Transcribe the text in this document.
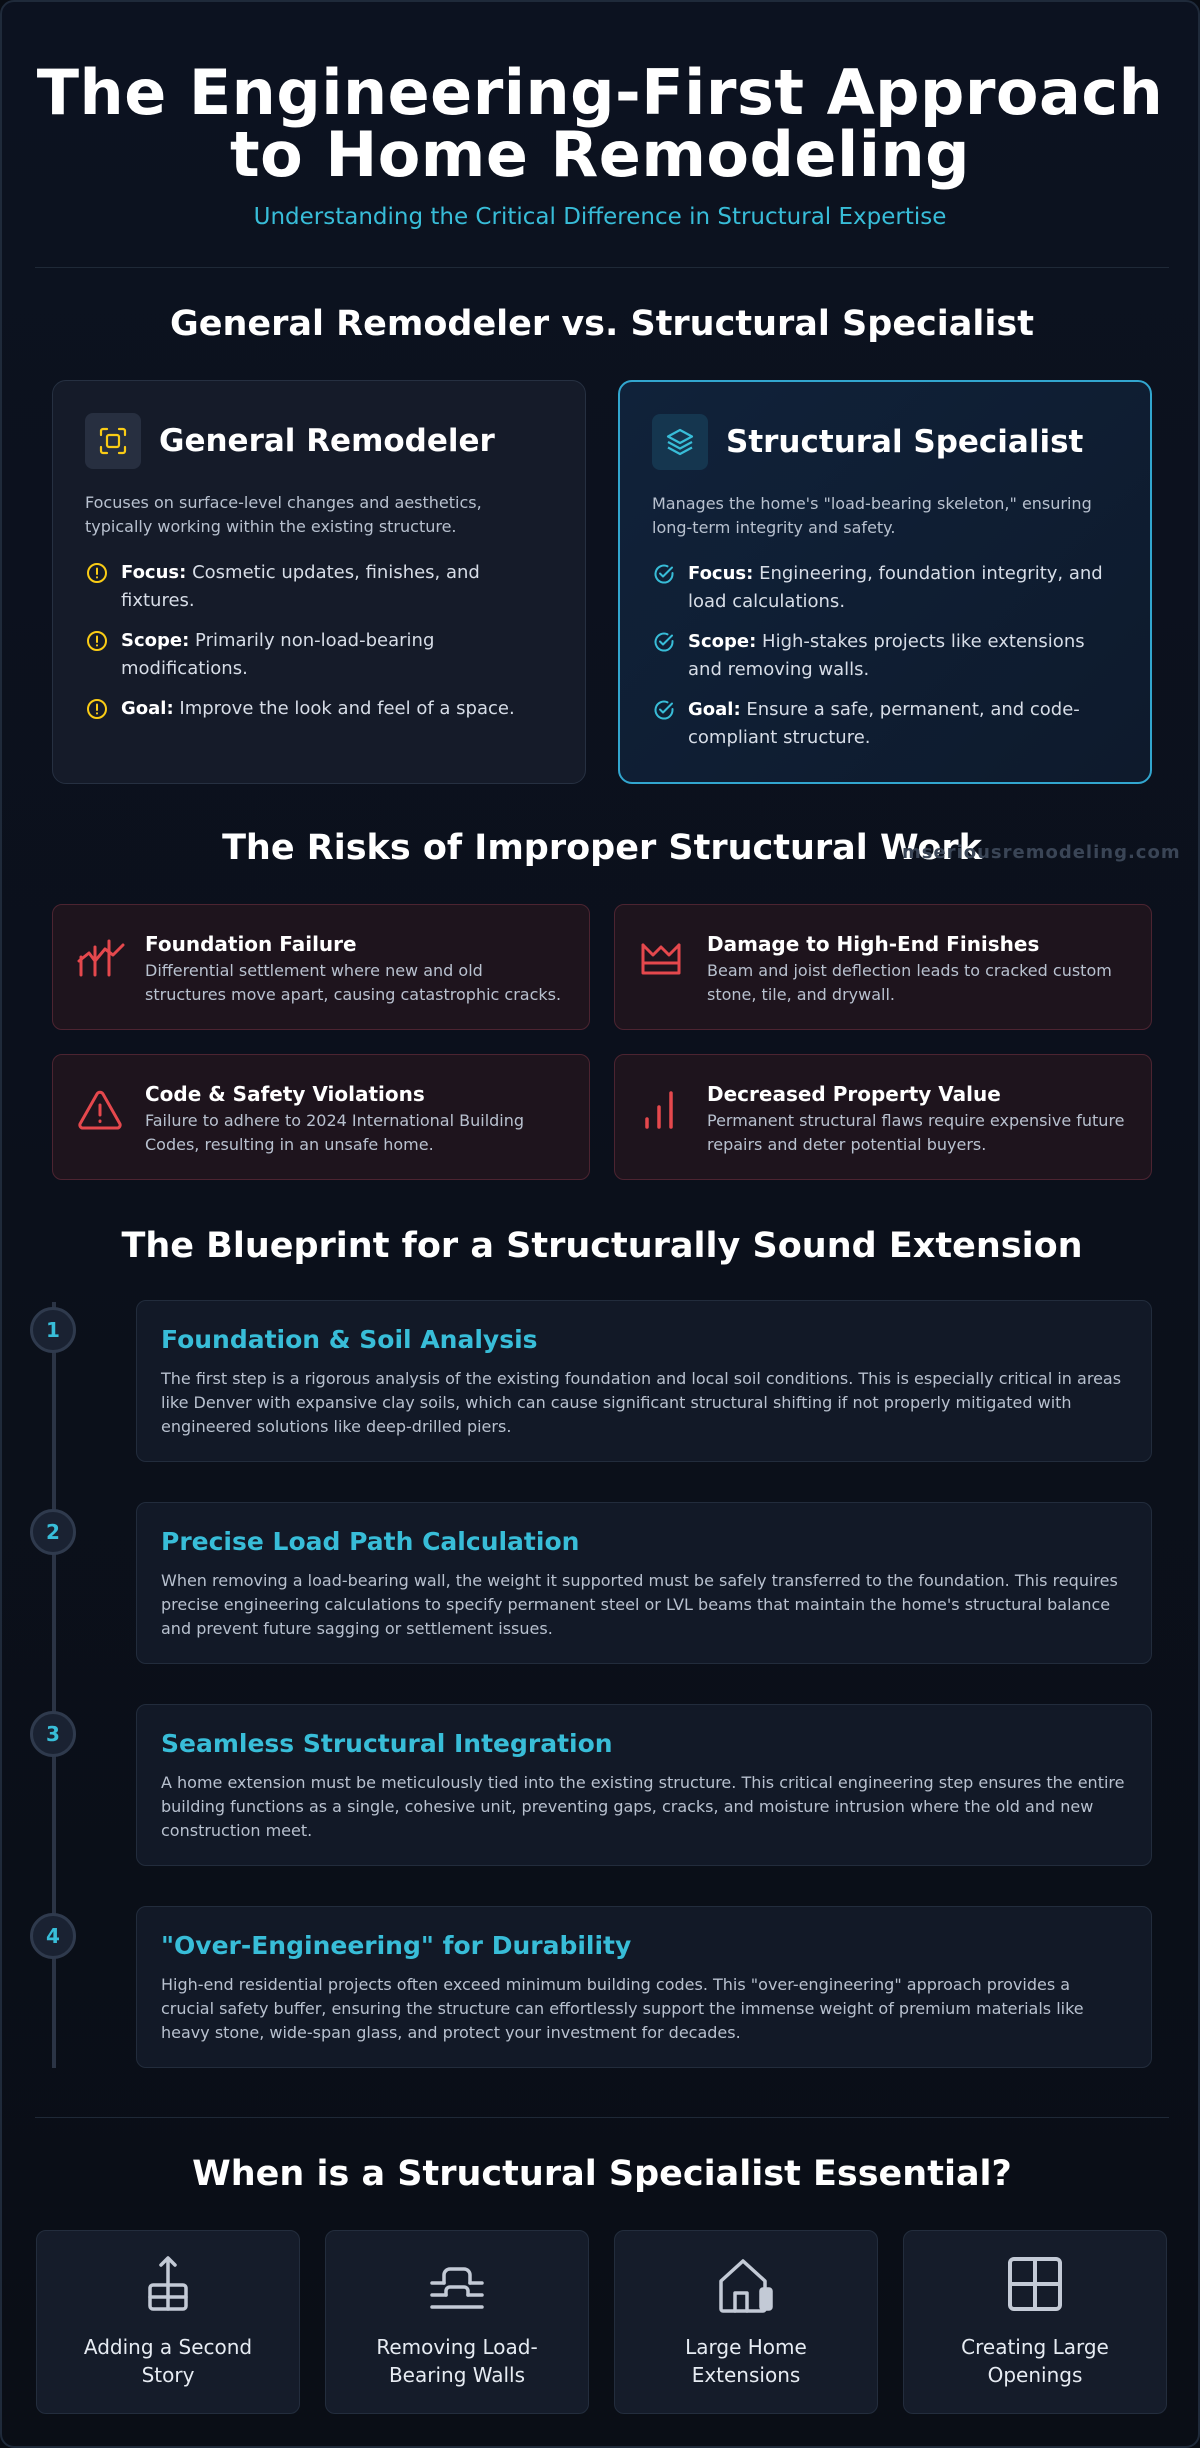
The Engineering-First Approach
to Home Remodeling
Understanding the Critical Difference in Structural Expertise
General Remodeler vs. Structural Specialist
General Remodeler

Focuses on surface-level changes and aesthetics, typically working within the existing structure.

Focus: Cosmetic updates, finishes, and fixtures.
Scope: Primarily non-load-bearing modifications.
Goal: Improve the look and feel of a space.
Structural Specialist

Manages the home's "load-bearing skeleton," ensuring long-term integrity and safety.

Focus: Engineering, foundation integrity, and load calculations.
Scope: High-stakes projects like extensions and removing walls.
Goal: Ensure a safe, permanent, and code-compliant structure.
The Risks of Improper Structural Work
mseriousremodeling.com
Foundation Failure
Differential settlement where new and old structures move apart, causing catastrophic cracks.
Damage to High-End Finishes
Beam and joist deflection leads to cracked custom stone, tile, and drywall.
Code & Safety Violations
Failure to adhere to 2024 International Building Codes, resulting in an unsafe home.
Decreased Property Value
Permanent structural flaws require expensive future repairs and deter potential buyers.
The Blueprint for a Structurally Sound Extension
1	Foundation & Soil Analysis
The first step is a rigorous analysis of the existing foundation and local soil conditions. This is especially critical in areas like Denver with expansive clay soils, which can cause significant structural shifting if not properly mitigated with engineered solutions like deep-drilled piers.
2	Precise Load Path Calculation
When removing a load-bearing wall, the weight it supported must be safely transferred to the foundation. This requires precise engineering calculations to specify permanent steel or LVL beams that maintain the home's structural balance and prevent future sagging or settlement issues.
3	Seamless Structural Integration
A home extension must be meticulously tied into the existing structure. This critical engineering step ensures the entire building functions as a single, cohesive unit, preventing gaps, cracks, and moisture intrusion where the old and new construction meet.
4	"Over-Engineering" for Durability
High-end residential projects often exceed minimum building codes. This "over-engineering" approach provides a crucial safety buffer, ensuring the structure can effortlessly support the immense weight of premium materials like heavy stone, wide-span glass, and protect your investment for decades.
When is a Structural Specialist Essential?
Adding a Second Story
Removing Load-Bearing Walls
Large Home Extensions
Creating Large Openings
